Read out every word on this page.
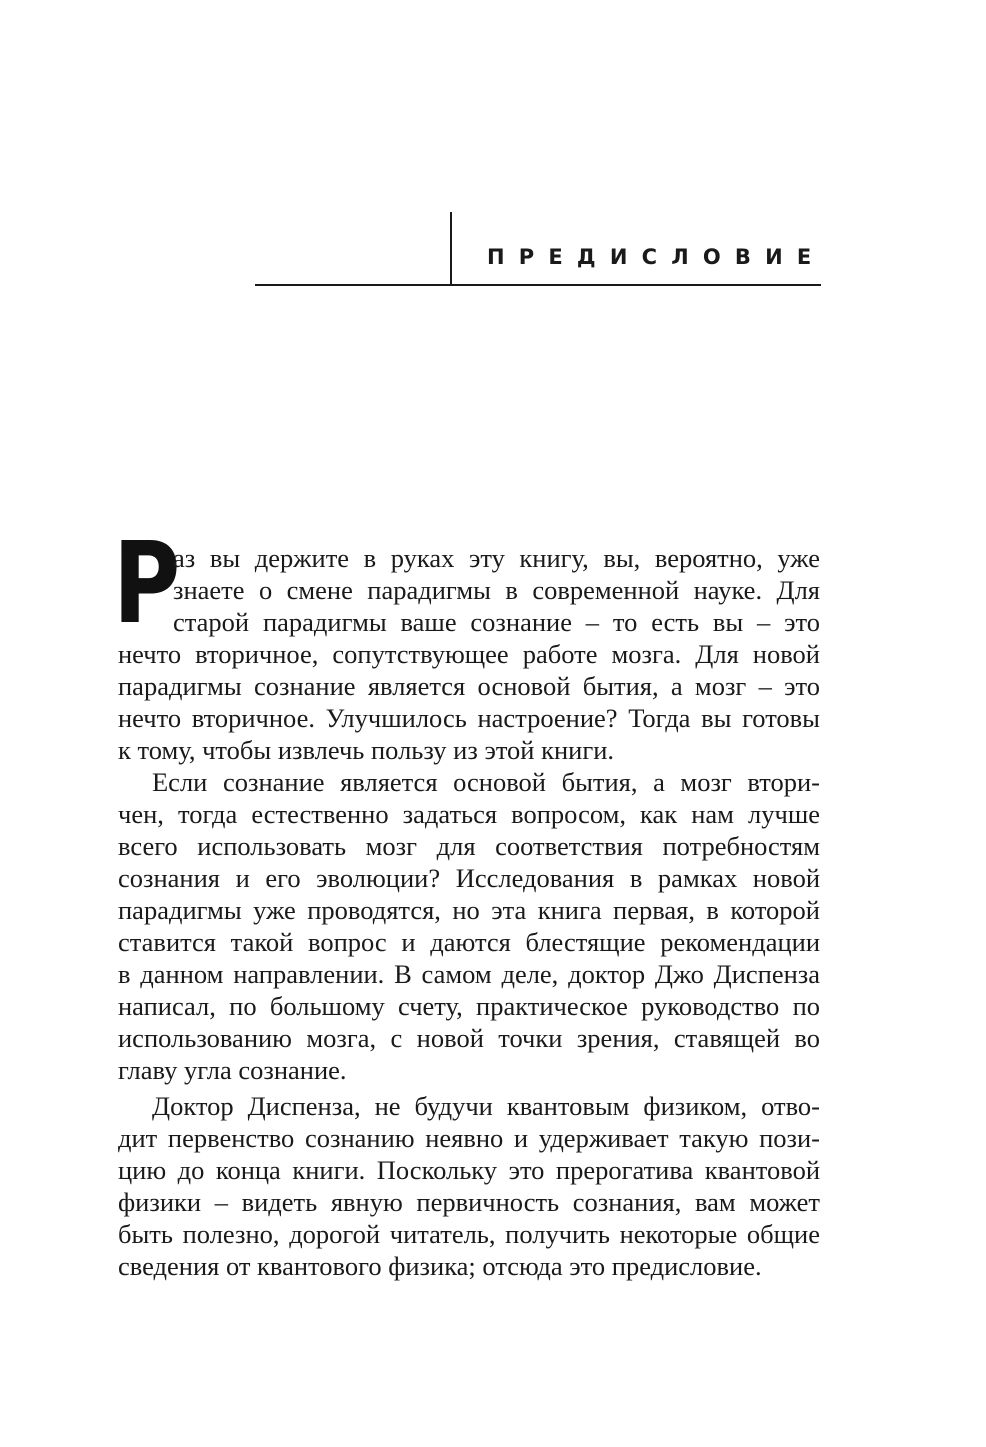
ПРЕДИСЛОВИЕ
Р

аз вы держите в руках эту книгу, вы, вероятно, уже

знаете о смене парадигмы в современной науке. Для

старой парадигмы ваше сознание – то есть вы – это

нечто вторичное, сопутствующее работе мозга. Для новой

парадигмы сознание является основой бытия, а мозг – это

нечто вторичное. Улучшилось настроение? Тогда вы готовы

к тому, чтобы извлечь пользу из этой книги.

Если сознание является основой бытия, а мозг втори-

чен, тогда естественно задаться вопросом, как нам лучше

всего использовать мозг для соответствия потребностям

сознания и его эволюции? Исследования в рамках новой

парадигмы уже проводятся, но эта книга первая, в которой

ставится такой вопрос и даются блестящие рекомендации

в данном направлении. В самом деле, доктор Джо Диспенза

написал, по большому счету, практическое руководство по

использованию мозга, с новой точки зрения, ставящей во

главу угла сознание.

Доктор Диспенза, не будучи квантовым физиком, отво-

дит первенство сознанию неявно и удерживает такую пози-

цию до конца книги. Поскольку это прерогатива квантовой

физики – видеть явную первичность сознания, вам может

быть полезно, дорогой читатель, получить некоторые общие

сведения от квантового физика; отсюда это предисловие.
